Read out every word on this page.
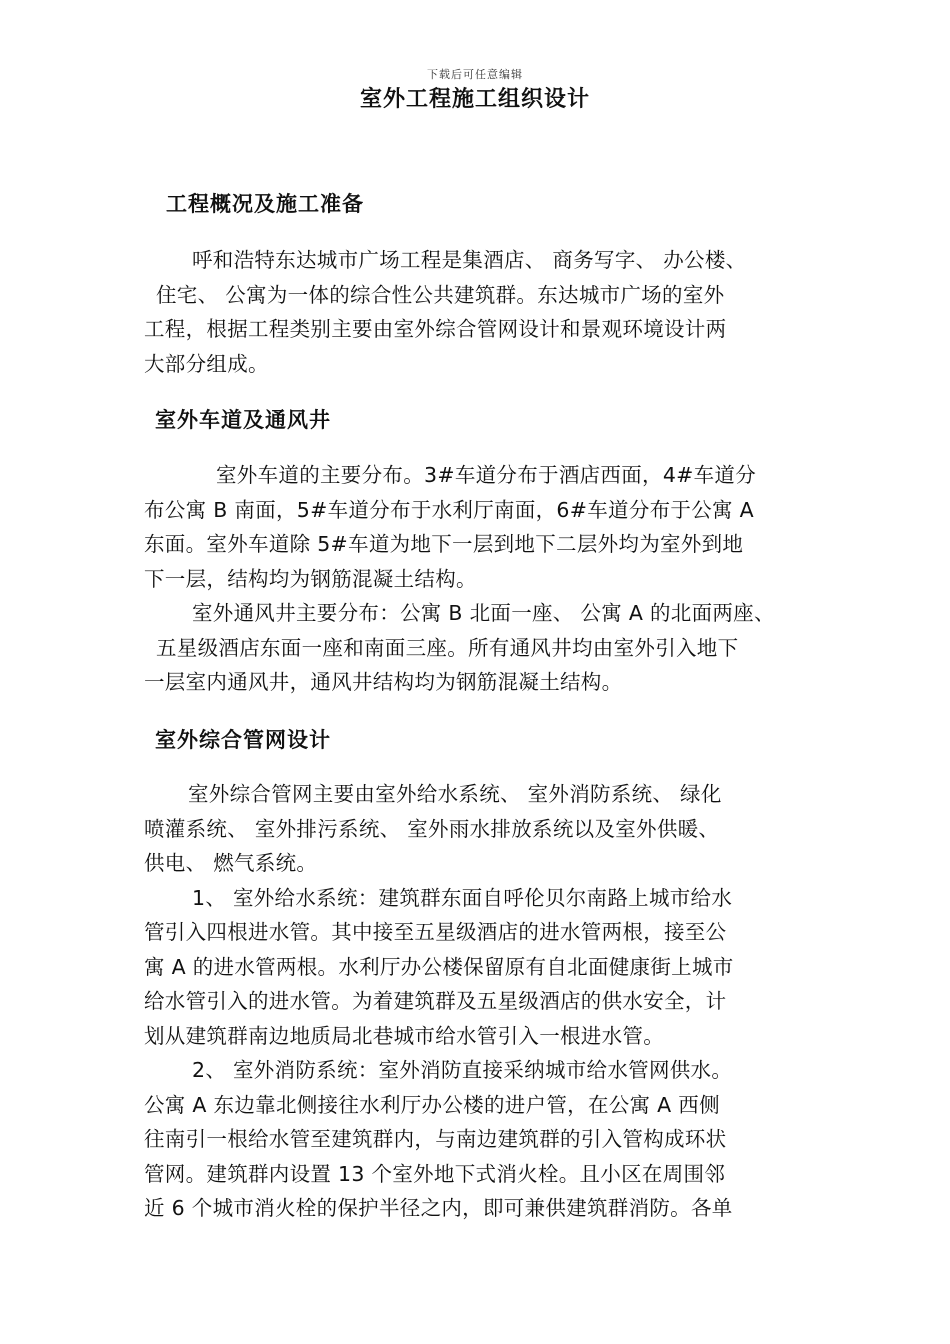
下载后可任意编辑
室外工程施工组织设计
工程概况及施工准备
呼和浩特东达城市广场工程是集酒店、 商务写字、 办公楼、
住宅、 公寓为一体的综合性公共建筑群。东达城市广场的室外
工程，根据工程类别主要由室外综合管网设计和景观环境设计两
大部分组成。
室外车道及通风井
室外车道的主要分布。3#车道分布于酒店西面，4#车道分
布公寓 B 南面，5#车道分布于水利厅南面，6#车道分布于公寓 A
东面。室外车道除 5#车道为地下一层到地下二层外均为室外到地
下一层，结构均为钢筋混凝土结构。
室外通风井主要分布：公寓 B 北面一座、 公寓 A 的北面两座、
五星级酒店东面一座和南面三座。所有通风井均由室外引入地下
一层室内通风井，通风井结构均为钢筋混凝土结构。
室外综合管网设计
室外综合管网主要由室外给水系统、 室外消防系统、 绿化
喷灌系统、 室外排污系统、 室外雨水排放系统以及室外供暖、
供电、 燃气系统。
1、 室外给水系统：建筑群东面自呼伦贝尔南路上城市给水
管引入四根进水管。其中接至五星级酒店的进水管两根，接至公
寓 A 的进水管两根。水利厅办公楼保留原有自北面健康街上城市
给水管引入的进水管。为着建筑群及五星级酒店的供水安全，计
划从建筑群南边地质局北巷城市给水管引入一根进水管。
2、 室外消防系统：室外消防直接采纳城市给水管网供水。
公寓 A 东边靠北侧接往水利厅办公楼的进户管，在公寓 A 西侧
往南引一根给水管至建筑群内，与南边建筑群的引入管构成环状
管网。建筑群内设置 13 个室外地下式消火栓。且小区在周围邻
近 6 个城市消火栓的保护半径之内，即可兼供建筑群消防。各单
